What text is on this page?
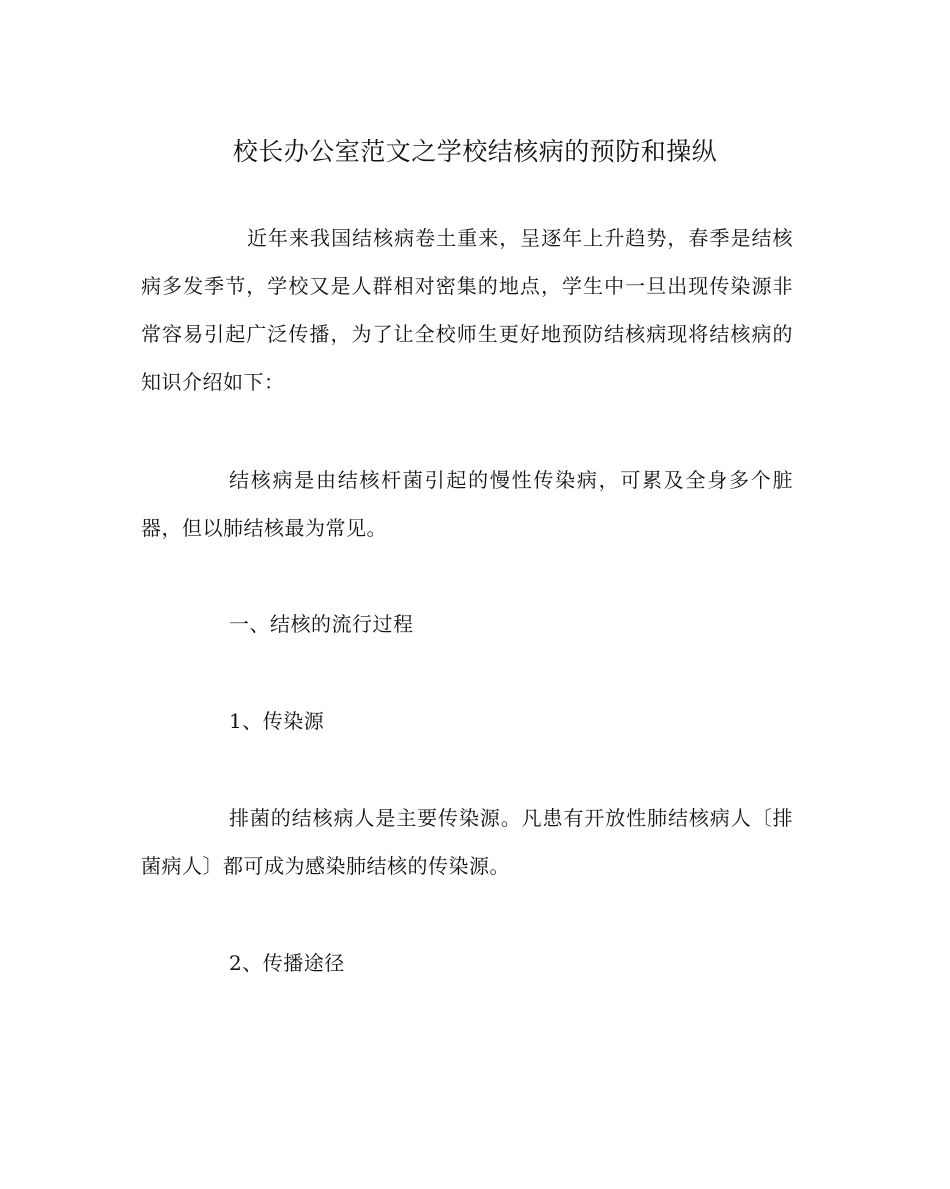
校长办公室范文之学校结核病的预防和操纵

近年来我国结核病卷土重来，呈逐年上升趋势，春季是结核病多发季节，学校又是人群相对密集的地点，学生中一旦出现传染源非常容易引起广泛传播，为了让全校师生更好地预防结核病现将结核病的知识介绍如下：

结核病是由结核杆菌引起的慢性传染病，可累及全身多个脏器，但以肺结核最为常见。

一、结核的流行过程

1、传染源

排菌的结核病人是主要传染源。凡患有开放性肺结核病人〔排菌病人〕都可成为感染肺结核的传染源。

2、传播途径
